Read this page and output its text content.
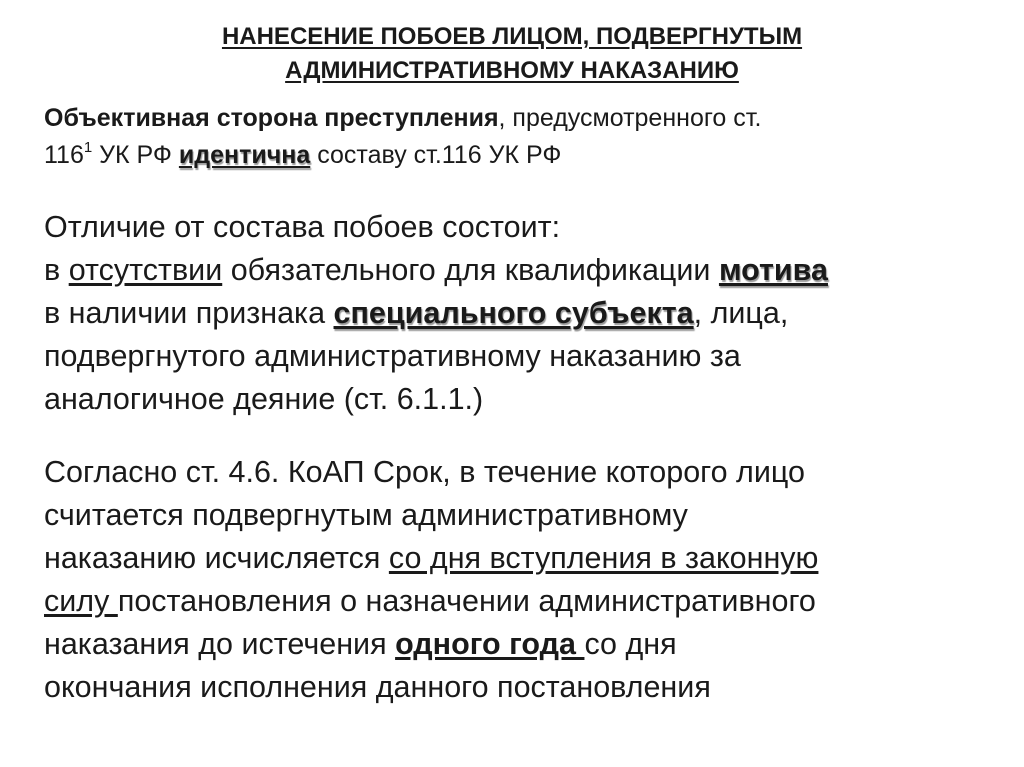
НАНЕСЕНИЕ ПОБОЕВ ЛИЦОМ, ПОДВЕРГНУТЫМ
АДМИНИСТРАТИВНОМУ НАКАЗАНИЮ
Объективная сторона преступления, предусмотренного ст.
$116^1$ УК РФ идентична составу ст.116 УК РФ
Отличие от состава побоев состоит:
в отсутствии обязательного для квалификации мотива
в наличии признака специального субъекта, лица,
подвергнутого административному наказанию за
аналогичное деяние (ст. 6.1.1.)
Согласно ст. 4.6. КоАП Срок, в течение которого лицо
считается подвергнутым административному
наказанию исчисляется со дня вступления в законную
силу постановления о назначении административного
наказания до истечения одного года со дня
окончания исполнения данного постановления
